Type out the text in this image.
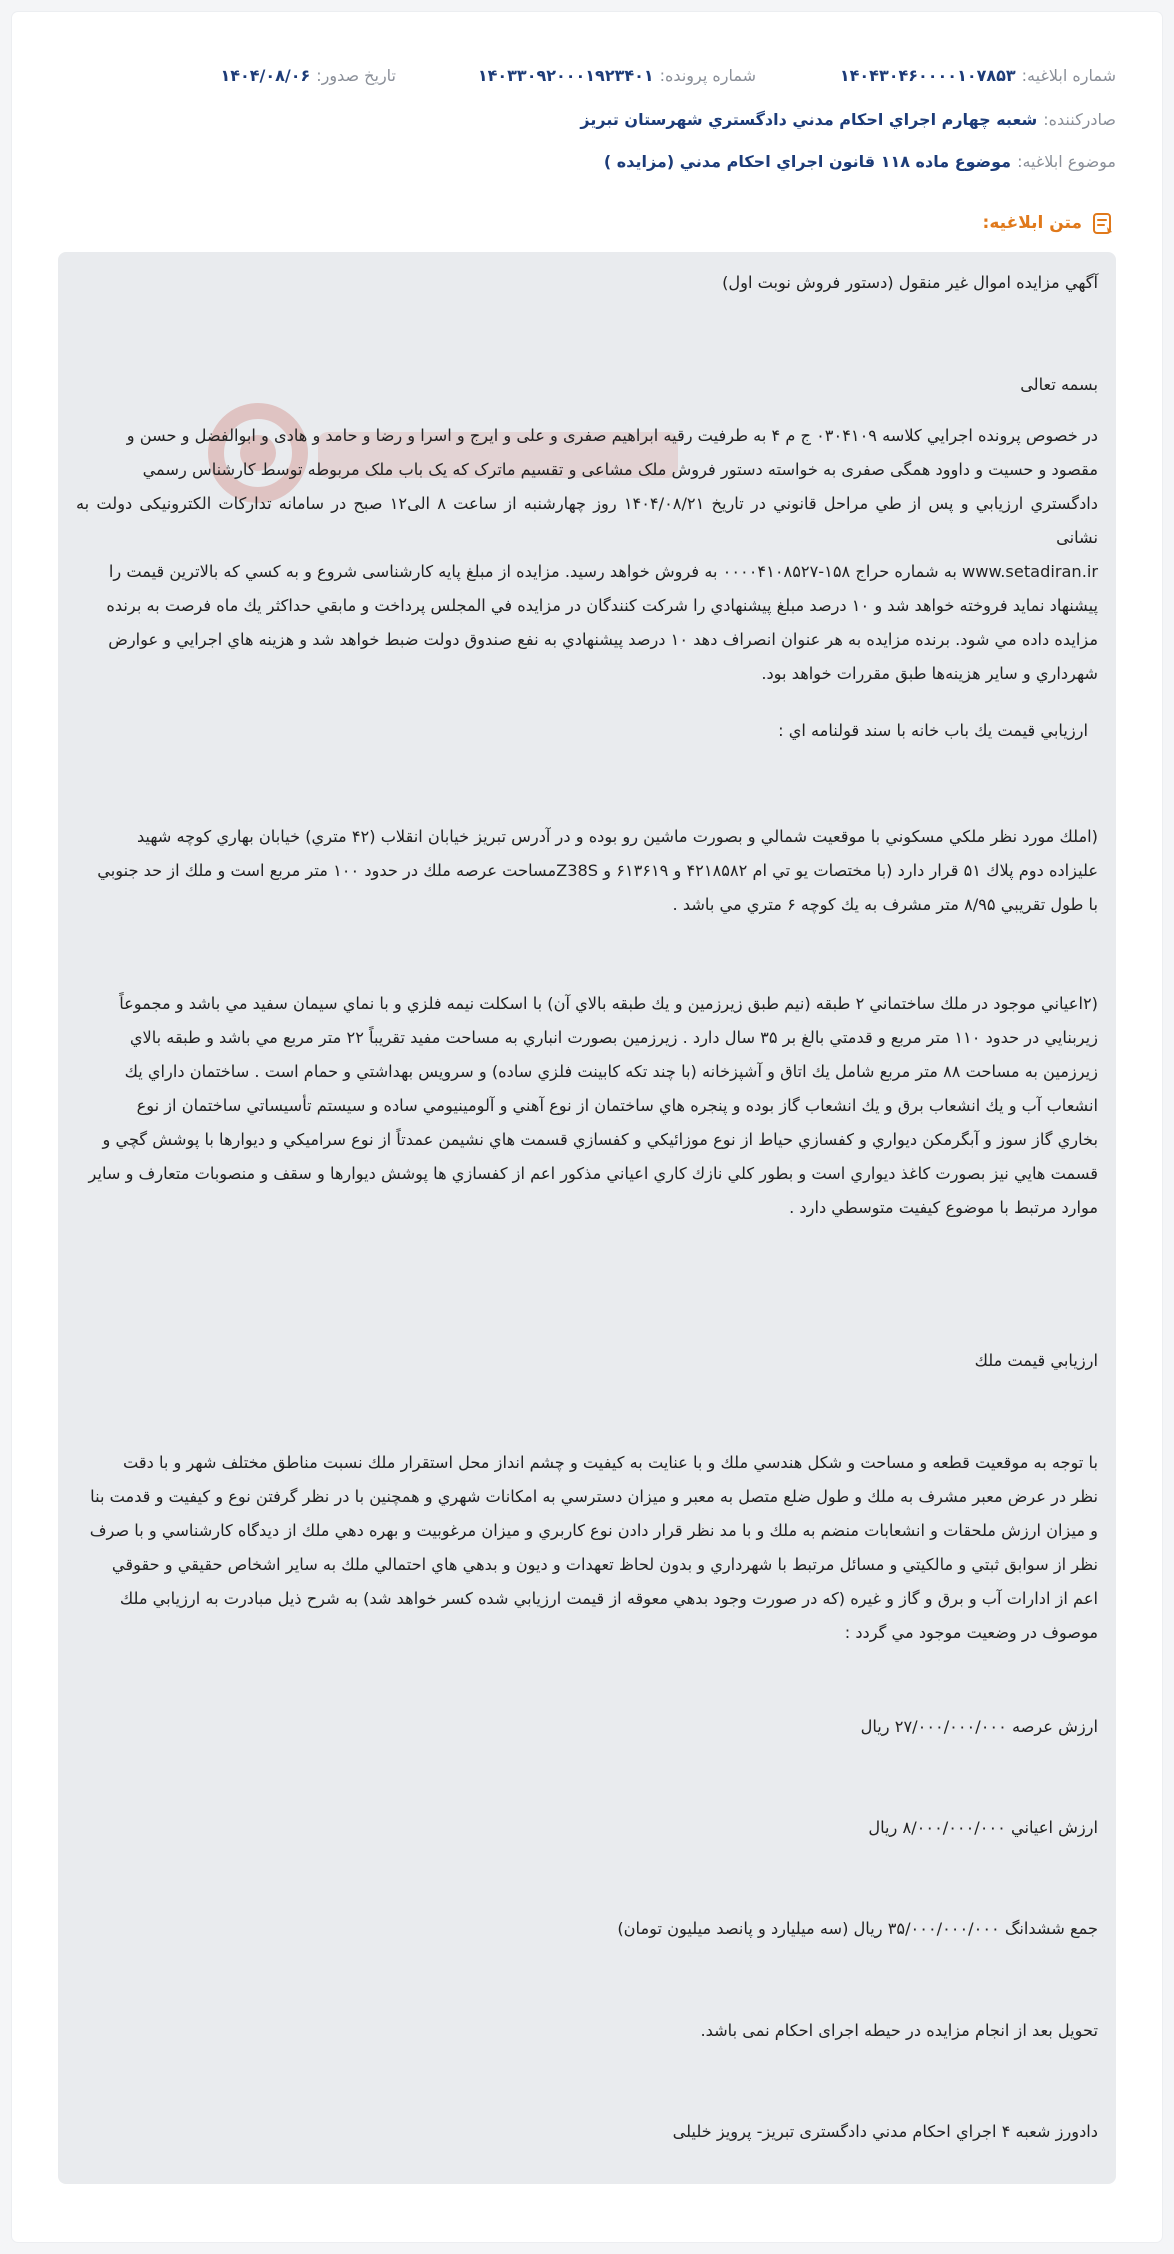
شماره ابلاغيه:
۱۴۰۴۳۰۴۶۰۰۰۰۱۰۷۸۵۳
شماره پرونده:
۱۴۰۳۳۰۹۲۰۰۰۱۹۲۳۴۰۱
تاريخ صدور:
۱۴۰۴/۰۸/۰۶
صادرکننده:
شعبه چهارم اجراي احكام مدني دادگستري شهرستان تبريز
موضوع ابلاغيه:
موضوع ماده ۱۱۸ قانون اجراي احكام مدني (مزايده )
متن ابلاغيه:

آگهي مزايده اموال غير منقول (دستور فروش نوبت اول)

بسمه تعالی

در خصوص پرونده اجرايي كلاسه ۰۳۰۴۱۰۹ ج م ۴ به طرفيت رقيه ابراهيم صفری و علی و ايرج و اسرا و رضا و حامد و هادی و ابوالفضل و حسن و

مقصود و حسيت و داوود همگی صفری به خواسته دستور فروش ملک مشاعی و تقسيم ماترک که يک باب ملک مربوطه توسط كارشناس رسمي

دادگستري ارزيابي و پس از طي مراحل قانوني در تاريخ ۱۴۰۴/۰۸/۲۱ روز چهارشنبه از ساعت ۸ الی۱۲ صبح در سامانه تداركات الكترونيكی دولت به نشانی

www.setadiran.ir به شماره حراج ۱۵۸-۰۰۰۰۴۱۰۸۵۲۷ به فروش خواهد رسيد. مزايده از مبلغ پايه كارشناسی شروع و به كسي كه بالاترين قيمت را

پيشنهاد نمايد فروخته خواهد شد و ۱۰ درصد مبلغ پيشنهادي را شركت كنندگان در مزايده في المجلس پرداخت و مابقي حداكثر يك ماه فرصت به برنده

مزايده داده مي شود. برنده مزايده به هر عنوان انصراف دهد ۱۰ درصد پيشنهادي به نفع صندوق دولت ضبط خواهد شد و هزينه هاي اجرايي و عوارض

شهرداري و ساير هزينه‌ها طبق مقررات خواهد بود.

ارزيابي قيمت يك باب خانه با سند قولنامه اي :

(املك مورد نظر ملكي مسكوني با موقعيت شمالي و بصورت ماشين رو بوده و در آدرس تبريز خيابان انقلاب (۴۲ متري) خيابان بهاري كوچه شهيد

عليزاده دوم پلاك ۵۱ قرار دارد (با مختصات يو تي ام ۴۲۱۸۵۸۲ و ۶۱۳۶۱۹ و Z38Sمساحت عرصه ملك در حدود ۱۰۰ متر مربع است و ملك از حد جنوبي

با طول تقريبي ۸/۹۵ متر مشرف به يك كوچه ۶ متري مي باشد .

(۲اعياني موجود در ملك ساختماني ۲ طبقه (نيم طبق زيرزمين و يك طبقه بالاي آن) با اسكلت نيمه فلزي و با نماي سيمان سفيد مي باشد و مجموعاً

زيربنايي در حدود ۱۱۰ متر مربع و قدمتي بالغ بر ۳۵ سال دارد . زيرزمين بصورت انباري به مساحت مفيد تقريباً ۲۲ متر مربع مي باشد و طبقه بالاي

زيرزمين به مساحت ۸۸ متر مربع شامل يك اتاق و آشپزخانه (با چند تكه كابينت فلزي ساده) و سرويس بهداشتي و حمام است . ساختمان داراي يك

انشعاب آب و يك انشعاب برق و يك انشعاب گاز بوده و پنجره هاي ساختمان از نوع آهني و آلومينيومي ساده و سيستم تأسيساتي ساختمان از نوع

بخاري گاز سوز و آبگرمكن ديواري و كفسازي حياط از نوع موزائيكي و كفسازي قسمت هاي نشيمن عمدتاً از نوع سراميكي و ديوارها با پوشش گچي و

قسمت هايي نيز بصورت كاغذ ديواري است و بطور كلي نازك كاري اعياني مذكور اعم از كفسازي ها پوشش ديوارها و سقف و منصوبات متعارف و ساير

موارد مرتبط با موضوع كيفيت متوسطي دارد .

ارزيابي قيمت ملك

با توجه به موقعيت قطعه و مساحت و شكل هندسي ملك و با عنايت به كيفيت و چشم انداز محل استقرار ملك نسبت مناطق مختلف شهر و با دقت

نظر در عرض معبر مشرف به ملك و طول ضلع متصل به معبر و ميزان دسترسي به امكانات شهري و همچنين با در نظر گرفتن نوع و كيفيت و قدمت بنا

و ميزان ارزش ملحقات و انشعابات منضم به ملك و با مد نظر قرار دادن نوع كاربري و ميزان مرغوبيت و بهره دهي ملك از ديدگاه كارشناسي و با صرف

نظر از سوابق ثبتي و مالكيتي و مسائل مرتبط با شهرداري و بدون لحاظ تعهدات و ديون و بدهي هاي احتمالي ملك به ساير اشخاص حقيقي و حقوقي

اعم از ادارات آب و برق و گاز و غيره (كه در صورت وجود بدهي معوقه از قيمت ارزيابي شده كسر خواهد شد) به شرح ذيل مبادرت به ارزيابي ملك

موصوف در وضعيت موجود مي گردد :

ارزش عرصه ۲۷/۰۰۰/۰۰۰/۰۰۰ ريال

ارزش اعياني ۸/۰۰۰/۰۰۰/۰۰۰ ريال

جمع ششدانگ ۳۵/۰۰۰/۰۰۰/۰۰۰ ريال (سه ميليارد و پانصد ميليون تومان)

تحويل بعد از انجام مزايده در حيطه اجرای احكام نمی باشد.

دادورز شعبه ۴ اجراي احكام مدني دادگستری تبريز- پرويز خليلی
